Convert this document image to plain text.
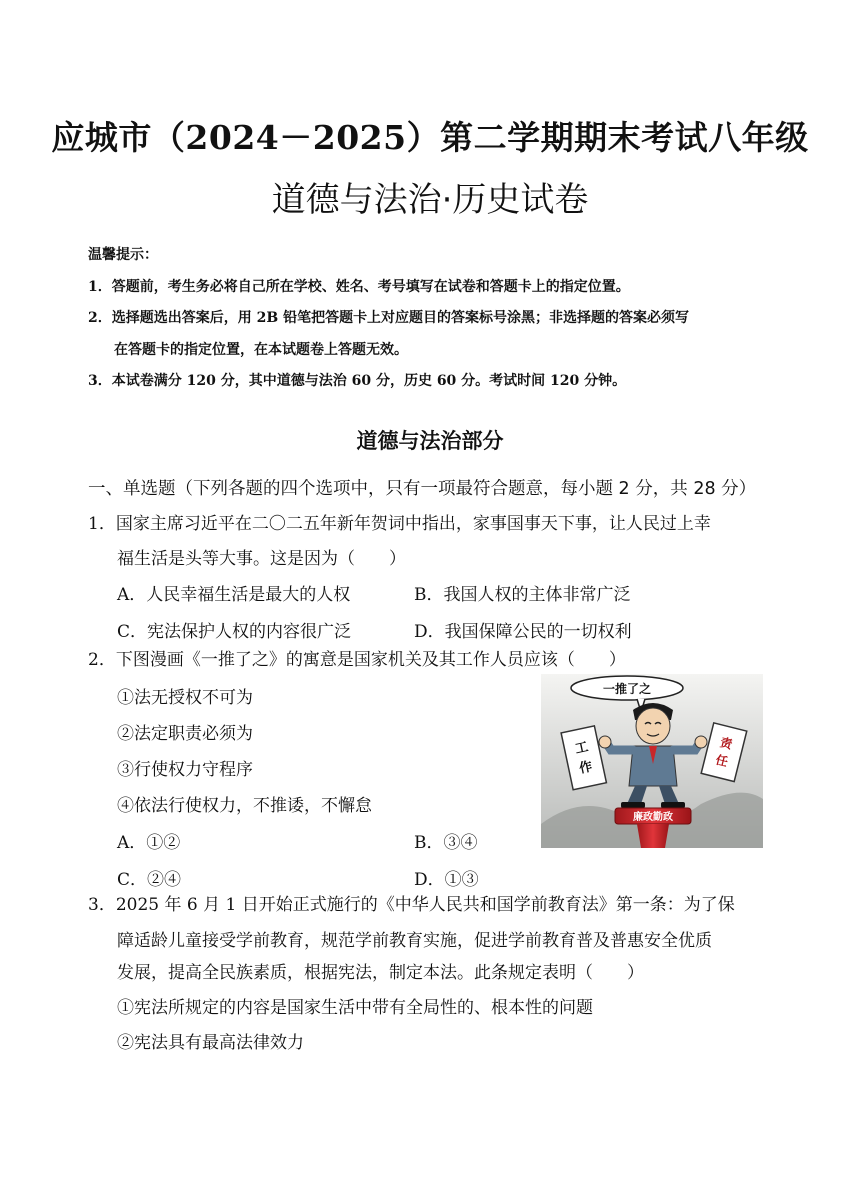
应城市（2024－2025）第二学期期末考试八年级
道德与法治·历史试卷
温馨提示：
1．答题前，考生务必将自己所在学校、姓名、考号填写在试卷和答题卡上的指定位置。
2．选择题选出答案后，用 2B 铅笔把答题卡上对应题目的答案标号涂黑；非选择题的答案必须写
在答题卡的指定位置，在本试题卷上答题无效。
3．本试卷满分 120 分，其中道德与法治 60 分，历史 60 分。考试时间 120 分钟。
道德与法治部分
一、单选题（下列各题的四个选项中，只有一项最符合题意，每小题 2 分，共 28 分）
1．国家主席习近平在二〇二五年新年贺词中指出，家事国事天下事，让人民过上幸
福生活是头等大事。这是因为（　　）
A．人民幸福生活是最大的人权	B．我国人权的主体非常广泛
C．宪法保护人权的内容很广泛	D．我国保障公民的一切权利
2．下图漫画《一推了之》的寓意是国家机关及其工作人员应该（　　）
①法无授权不可为
②法定职责必须为
③行使权力守程序
④依法行使权力，不推诿，不懈怠
A．①②	B．③④
C．②④	D．①③
一推了之
工
作
责
任
廉政勤政
3．2025 年 6 月 1 日开始正式施行的《中华人民共和国学前教育法》第一条：为了保
障适龄儿童接受学前教育，规范学前教育实施，促进学前教育普及普惠安全优质
发展，提高全民族素质，根据宪法，制定本法。此条规定表明（　　）
①宪法所规定的内容是国家生活中带有全局性的、根本性的问题
②宪法具有最高法律效力
